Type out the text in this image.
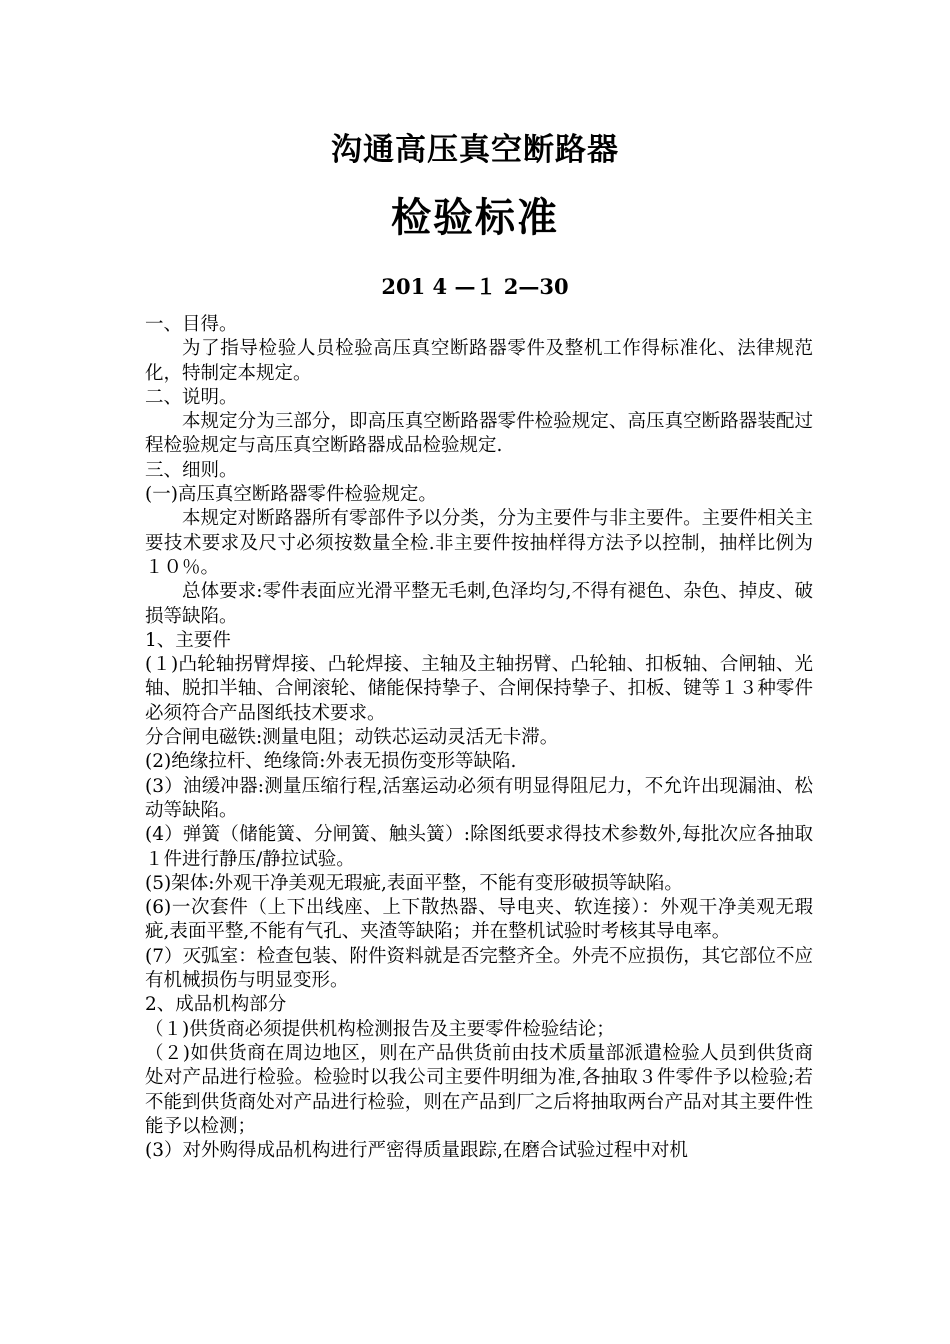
沟通高压真空断路器
检验标准
201 4 —１ 2—30

一、目得。

为了指导检验人员检验高压真空断路器零件及整机工作得标准化、法律规范化，特制定本规定。

二、说明。

本规定分为三部分，即高压真空断路器零件检验规定、高压真空断路器装配过程检验规定与高压真空断路器成品检验规定.

三、细则。

(一)高压真空断路器零件检验规定。

本规定对断路器所有零部件予以分类，分为主要件与非主要件。主要件相关主要技术要求及尺寸必须按数量全检.非主要件按抽样得方法予以控制，抽样比例为１０％。

总体要求:零件表面应光滑平整无毛刺,色泽均匀,不得有褪色、杂色、掉皮、破损等缺陷。

1、主要件

(１)凸轮轴拐臂焊接、凸轮焊接、主轴及主轴拐臂、凸轮轴、扣板轴、合闸轴、光轴、脱扣半轴、合闸滚轮、储能保持挚子、合闸保持挚子、扣板、键等１３种零件必须符合产品图纸技术要求。

分合闸电磁铁:测量电阻；动铁芯运动灵活无卡滞。

(2)绝缘拉杆、绝缘筒:外表无损伤变形等缺陷.

(3）油缓冲器:测量压缩行程,活塞运动必须有明显得阻尼力，不允许出现漏油、松动等缺陷。

(4）弹簧（储能簧、分闸簧、触头簧）:除图纸要求得技术参数外,每批次应各抽取１件进行静压/静拉试验。

(5)架体:外观干净美观无瑕疵,表面平整，不能有变形破损等缺陷。

(6)一次套件（上下出线座、上下散热器、导电夹、软连接）：外观干净美观无瑕疵,表面平整,不能有气孔、夹渣等缺陷；并在整机试验时考核其导电率。

(7）灭弧室：检查包装、附件资料就是否完整齐全。外壳不应损伤，其它部位不应有机械损伤与明显变形。

2、成品机构部分

（１)供货商必须提供机构检测报告及主要零件检验结论；

（２)如供货商在周边地区，则在产品供货前由技术质量部派遣检验人员到供货商处对产品进行检验。检验时以我公司主要件明细为准,各抽取３件零件予以检验;若不能到供货商处对产品进行检验，则在产品到厂之后将抽取两台产品对其主要件性能予以检测；

(3）对外购得成品机构进行严密得质量跟踪,在磨合试验过程中对机
